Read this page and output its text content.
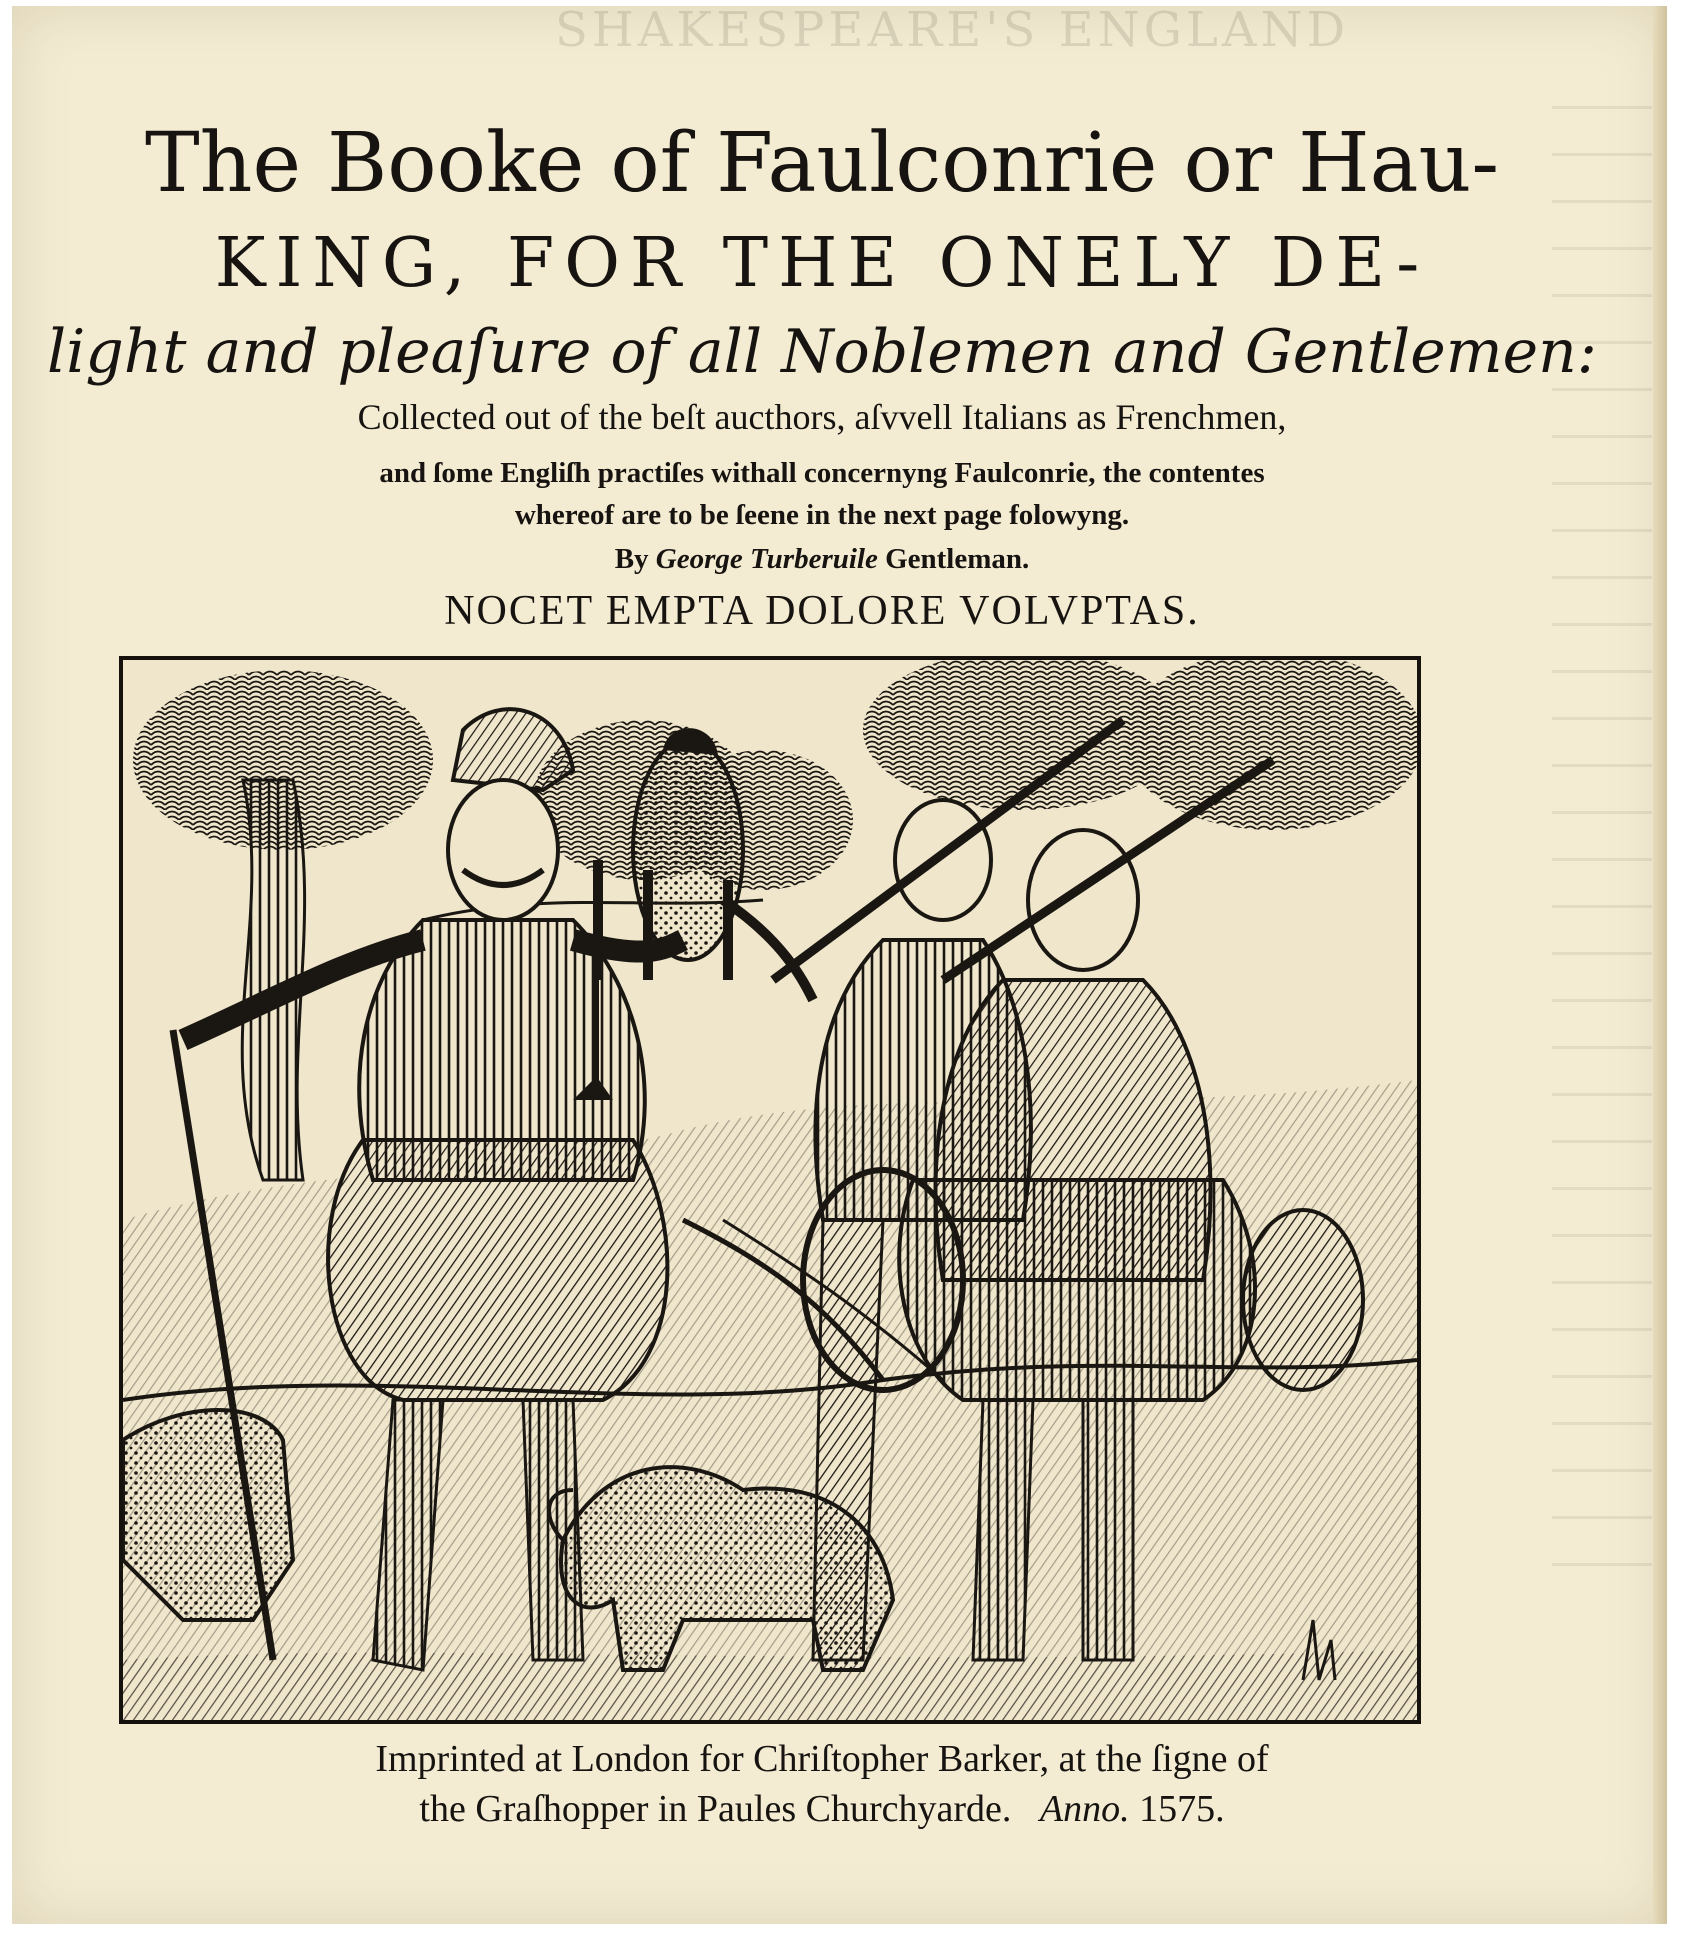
SHAKESPEARE'S ENGLAND
The Booke of Faulconrie or Hau-
KING, FOR THE ONELY DE-
light and pleaſure of all Noblemen and Gentlemen:
Collected out of the beſt aucthors, aſvvell Italians as Frenchmen,
and ſome Engliſh practiſes withall concernyng Faulconrie, the contentes
whereof are to be ſeene in the next page folowyng.
By George Turberuile Gentleman.
NOCET EMPTA DOLORE VOLVPTAS.
Imprinted at London for Chriſtopher Barker, at the ſigne of
the Graſhopper in Paules Churchyarde. Anno. 1575.
